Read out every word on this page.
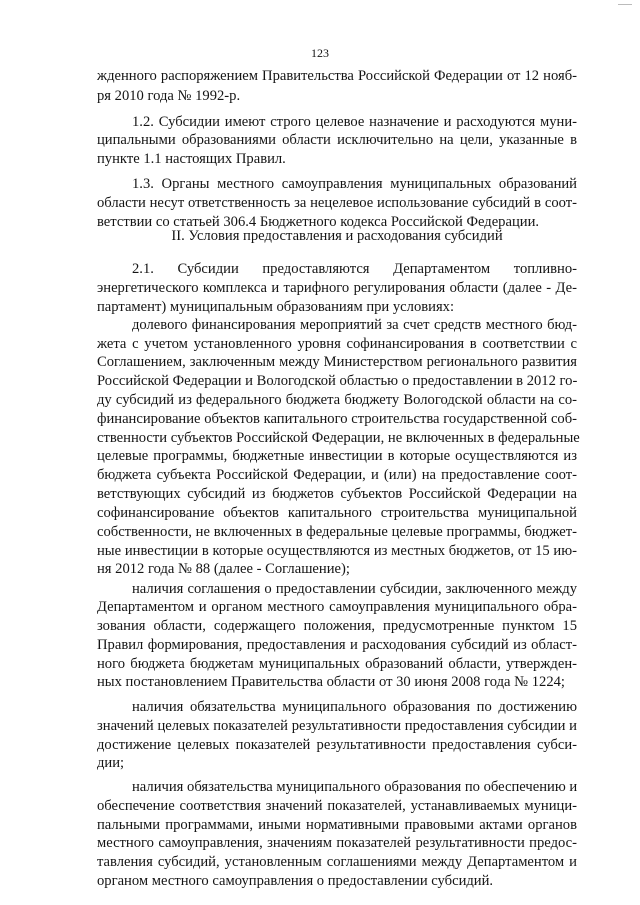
123
жденного распоряжением Правительства Российской Федерации от 12 нояб-
ря 2010 года № 1992-р.
1.2. Субсидии имеют строго целевое назначение и расходуются муни-
ципальными образованиями области исключительно на цели, указанные в
пункте 1.1 настоящих Правил.
1.3. Органы местного самоуправления муниципальных образований
области несут ответственность за нецелевое использование субсидий в соот-
ветствии со статьей 306.4 Бюджетного кодекса Российской Федерации.
II. Условия предоставления и расходования субсидий
2.1. Субсидии предоставляются Департаментом топливно-
энергетического комплекса и тарифного регулирования области (далее - Де-
партамент) муниципальным образованиям при условиях:
долевого финансирования мероприятий за счет средств местного бюд-
жета с учетом установленного уровня софинансирования в соответствии с
Соглашением, заключенным между Министерством регионального развития
Российской Федерации и Вологодской областью о предоставлении в 2012 го-
ду субсидий из федерального бюджета бюджету Вологодской области на со-
финансирование объектов капитального строительства государственной соб-
ственности субъектов Российской Федерации, не включенных в федеральные
целевые программы, бюджетные инвестиции в которые осуществляются из
бюджета субъекта Российской Федерации, и (или) на предоставление соот-
ветствующих субсидий из бюджетов субъектов Российской Федерации на
софинансирование объектов капитального строительства муниципальной
собственности, не включенных в федеральные целевые программы, бюджет-
ные инвестиции в которые осуществляются из местных бюджетов, от 15 ию-
ня 2012 года № 88 (далее - Соглашение);
наличия соглашения о предоставлении субсидии, заключенного между
Департаментом и органом местного самоуправления муниципального обра-
зования области, содержащего положения, предусмотренные пунктом 15
Правил формирования, предоставления и расходования субсидий из област-
ного бюджета бюджетам муниципальных образований области, утвержден-
ных постановлением Правительства области от 30 июня 2008 года № 1224;
наличия обязательства муниципального образования по достижению
значений целевых показателей результативности предоставления субсидии и
достижение целевых показателей результативности предоставления субси-
дии;
наличия обязательства муниципального образования по обеспечению и
обеспечение соответствия значений показателей, устанавливаемых муници-
пальными программами, иными нормативными правовыми актами органов
местного самоуправления, значениям показателей результативности предос-
тавления субсидий, установленным соглашениями между Департаментом и
органом местного самоуправления о предоставлении субсидий.
